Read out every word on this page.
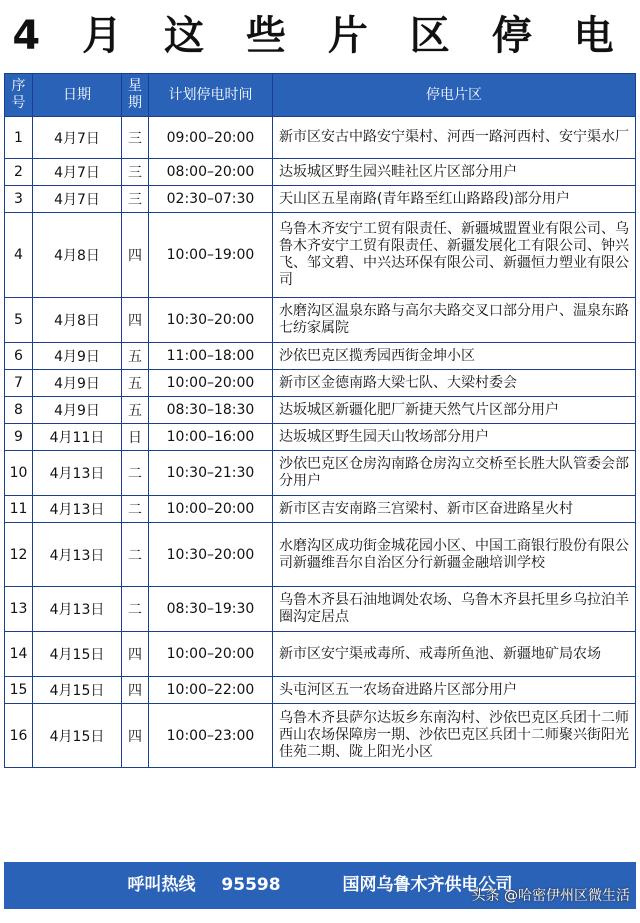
4 月 这 些 片 区 停 电
序号	日期	星期	计划停电时间	停电片区
1	4月7日	三	09:00–20:00	新市区安古中路安宁渠村、河西一路河西村、安宁渠水厂
2	4月7日	三	08:00–20:00	达坂城区野生园兴畦社区片区部分用户
3	4月7日	三	02:30–07:30	天山区五星南路(青年路至红山路路段)部分用户
4	4月8日	四	10:00–19:00	乌鲁木齐安宁工贸有限责任、新疆城盟置业有限公司、乌鲁木齐安宁工贸有限责任、新疆发展化工有限公司、钟兴飞、邹文碧、中兴达环保有限公司、新疆恒力塑业有限公司
5	4月8日	四	10:30–20:00	水磨沟区温泉东路与高尔夫路交叉口部分用户、温泉东路七纺家属院
6	4月9日	五	11:00–18:00	沙依巴克区揽秀园西街金坤小区
7	4月9日	五	10:00–20:00	新市区金德南路大梁七队、大梁村委会
8	4月9日	五	08:30–18:30	达坂城区新疆化肥厂新捷天然气片区部分用户
9	4月11日	日	10:00–16:00	达坂城区野生园天山牧场部分用户
10	4月13日	二	10:30–21:30	沙依巴克区仓房沟南路仓房沟立交桥至长胜大队管委会部分用户
11	4月13日	二	10:00–20:00	新市区吉安南路三宫梁村、新市区奋进路星火村
12	4月13日	二	10:30–20:00	水磨沟区成功街金城花园小区、中国工商银行股份有限公司新疆维吾尔自治区分行新疆金融培训学校
13	4月13日	二	08:30–19:30	乌鲁木齐县石油地调处农场、乌鲁木齐县托里乡乌拉泊羊圈沟定居点
14	4月15日	四	10:00–20:00	新市区安宁渠戒毒所、戒毒所鱼池、新疆地矿局农场
15	4月15日	四	10:00–22:00	头屯河区五一农场奋进路片区部分用户
16	4月15日	四	10:00–23:00	乌鲁木齐县萨尔达坂乡东南沟村、沙依巴克区兵团十二师西山农场保障房一期、沙依巴克区兵团十二师聚兴街阳光佳苑二期、陇上阳光小区
呼叫热线 95598	国网乌鲁木齐供电公司
头条 @哈密伊州区微生活
